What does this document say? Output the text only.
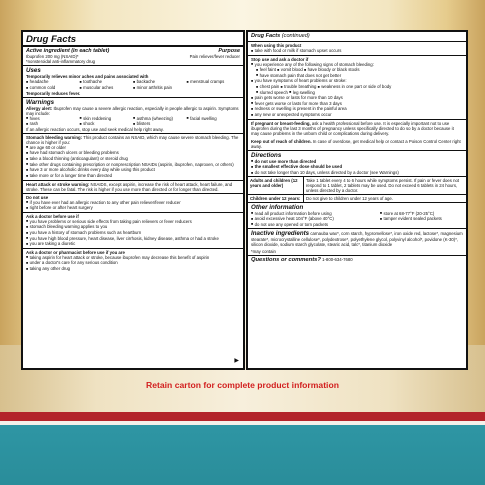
Retain carton for complete product information
Drug Facts
Active ingredient (in each tablet)	Purpose
Ibuprofen 200 mg (NSAID)*	Pain reliever/fever reducer
*nonsteroidal anti-inflammatory drug
Uses
Temporarily relieves minor aches and pains associated with
■ headache	■ toothache	■ backache	■ menstrual cramps
■ common cold	■ muscular aches	■ minor arthritis pain
Temporarily reduces fever.
Warnings
Allergy alert: Ibuprofen may cause a severe allergic reaction, especially in people allergic to aspirin. Symptoms may include:
■ hives	■ skin reddening	■ asthma (wheezing)	■ facial swelling
■ rash	■ shock	■ blisters
If an allergic reaction occurs, stop use and seek medical help right away.
Stomach bleeding warning: This product contains an NSAID, which may cause severe stomach bleeding. The chance is higher if you:
■ are age 60 or older
■ have had stomach ulcers or bleeding problems
■ take a blood thinning (anticoagulant) or steroid drug
■ take other drugs containing prescription or nonprescription NSAIDs (aspirin, ibuprofen, naproxen, or others)
■ have 3 or more alcoholic drinks every day while using this product
■ take more or for a longer time than directed
Heart attack or stroke warning: NSAIDS, except aspirin, increase the risk of heart attack, heart failure, and stroke. These can be fatal. The risk is higher if you use more than directed or for longer than directed.
Do not use
■ if you have ever had an allergic reaction to any other pain reliever/fever reducer
■ right before or after heart surgery
Ask a doctor before use if
■ you have problems or serious side effects from taking pain relievers or fever reducers
■ stomach bleeding warning applies to you
■ you have a history of stomach problems such as heartburn
■ you have high blood pressure, heart disease, liver cirrhosis, kidney disease, asthma or had a stroke
■ you are taking a diuretic
Ask a doctor or pharmacist before use if you are
■ taking aspirin for heart attack or stroke, because ibuprofen may decrease this benefit of aspirin
■ under a doctor's care for any serious condition
■ taking any other drug
▶
Drug Facts (continued)
When using this product
■ take with food or milk if stomach upset occurs
Stop use and ask a doctor if
■ you experience any of the following signs of stomach bleeding:
■ feel faint ■ vomit blood ■ have bloody or black stools
■ have stomach pain that does not get better
■ you have symptoms of heart problems or stroke:
■ chest pain ■ trouble breathing ■ weakness in one part or side of body
■ slurred speech ■ leg swelling
■ pain gets worse or lasts for more than 10 days
■ fever gets worse or lasts for more than 3 days
■ redness or swelling is present in the painful area
■ any new or unexpected symptoms occur
If pregnant or breast-feeding, ask a health professional before use. It is especially important not to use ibuprofen during the last 3 months of pregnancy unless specifically directed to do so by a doctor because it may cause problems in the unborn child or complications during delivery.
Keep out of reach of children. In case of overdose, get medical help or contact a Poison Control Center right away.
Directions
■ do not use more than directed
■ the smallest effective dose should be used
■ do not take longer than 10 days, unless directed by a doctor (see Warnings)
Adults and children (12 years and older)
Take 1 tablet every 4 to 6 hours while symptoms persist. If pain or fever does not respond to 1 tablet, 2 tablets may be used. Do not exceed 6 tablets in 24 hours, unless directed by a doctor.
Children under 12 years:	Do not give to children under 12 years of age.
Other information
■ read all product information before using	■ store at 68-77°F (20-25°C)
■ avoid excessive heat 104°F (above 40°C)	■ tamper evident sealed packets
■ do not use any opened or torn packets
Inactive ingredients carnauba wax*, corn starch, hypromellose*, iron oxide red, lactose*, magnesium stearate*, microcrystalline cellulose*, polydextrose*, polyethylene glycol, polyvinyl alcohol*, povidone (K-30)*, silicon dioxide, sodium starch glycolate, stearic acid, talc*, titanium dioxide
*may contain
Questions or comments? 1-800-634-7680
